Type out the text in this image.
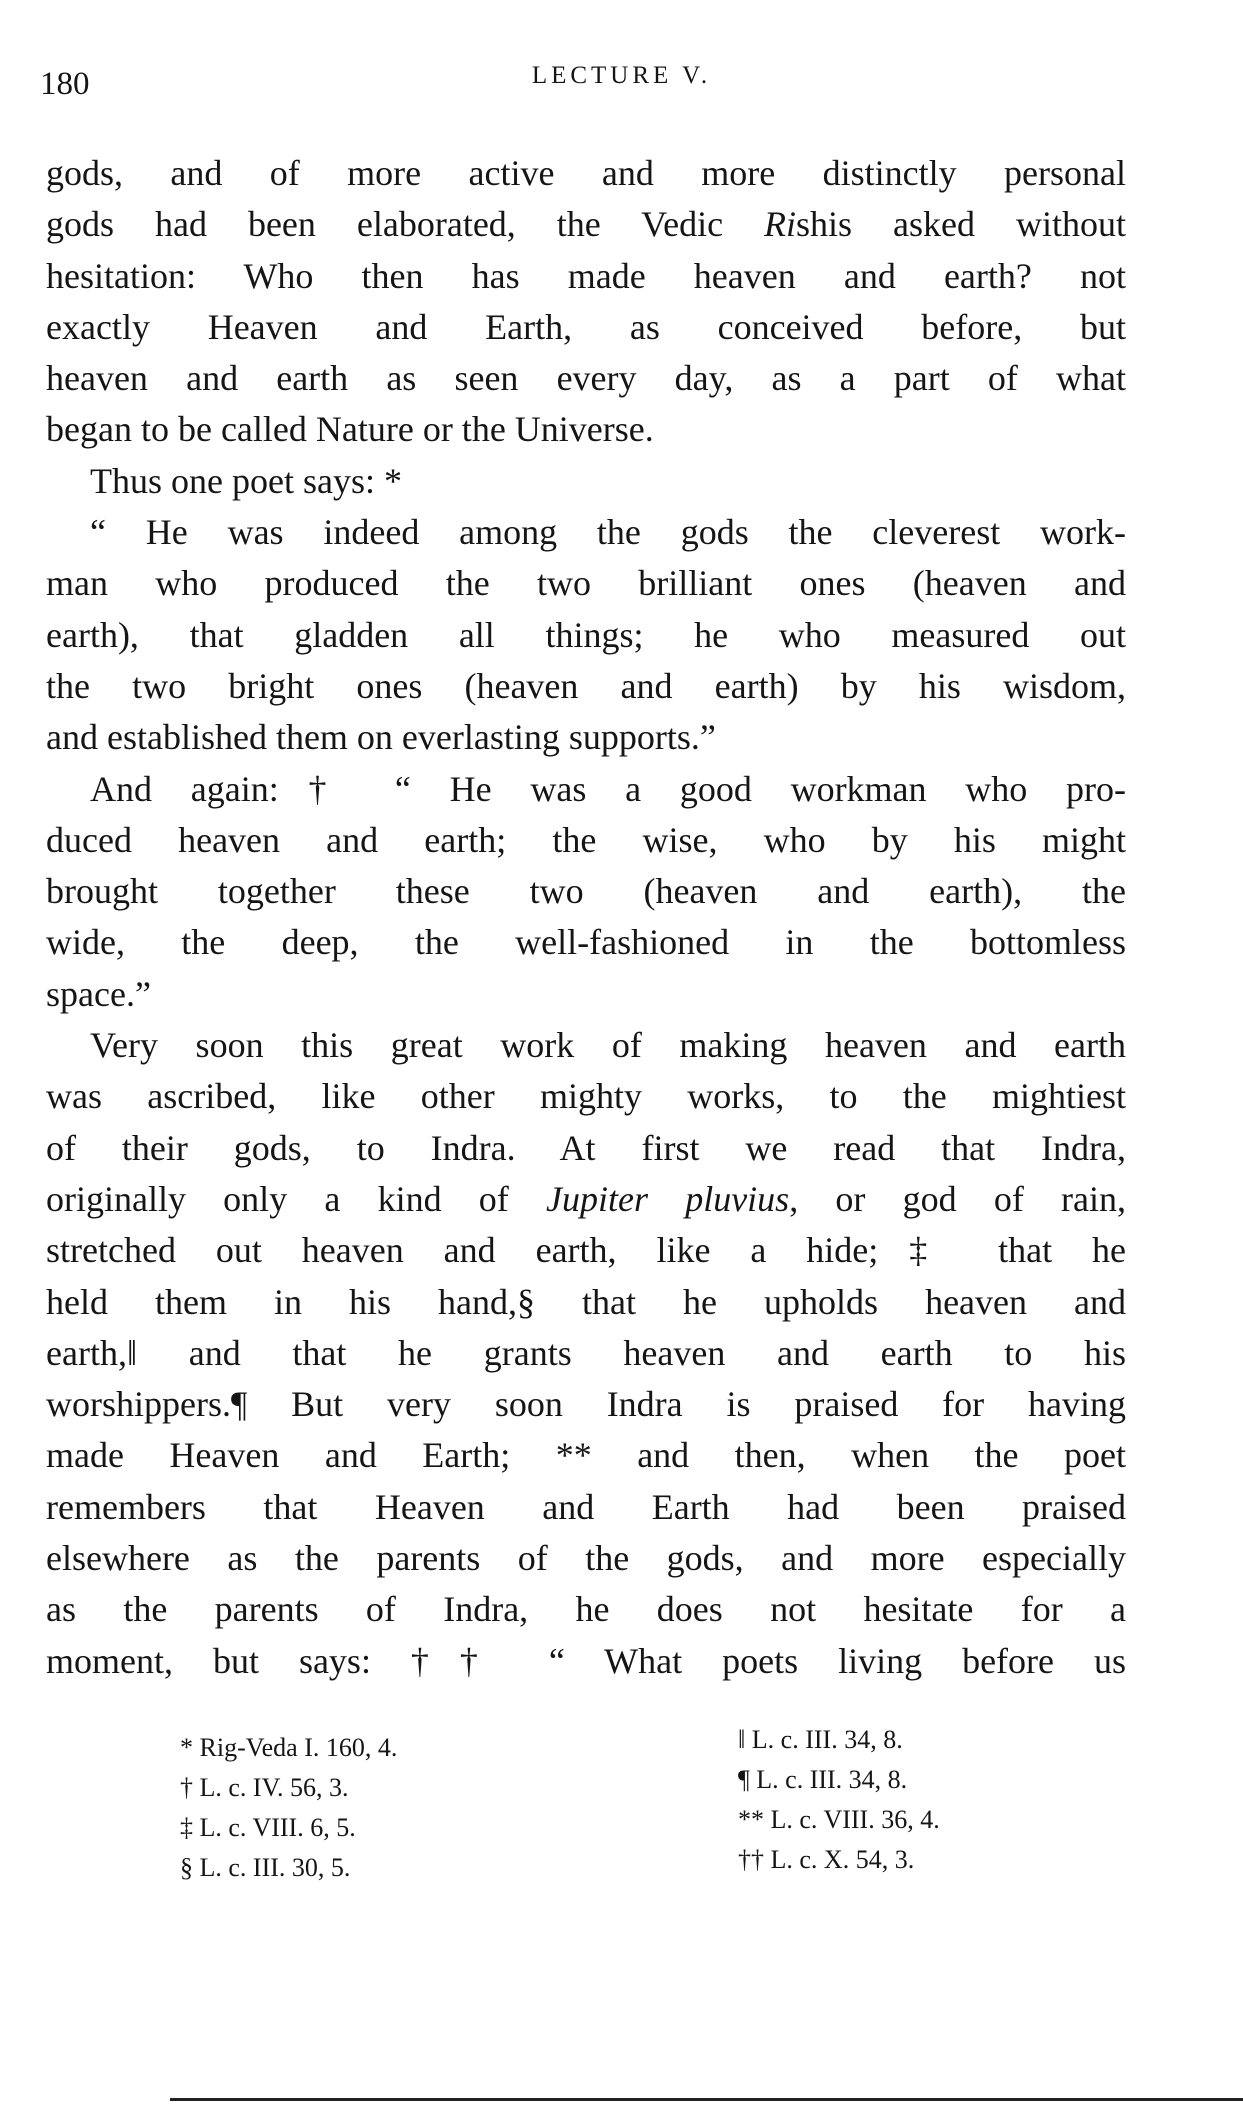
180	LECTURE V.
gods, and of more active and more distinctly personal
gods had been elaborated, the Vedic Rishis asked without
hesitation: Who then has made heaven and earth? not
exactly Heaven and Earth, as conceived before, but
heaven and earth as seen every day, as a part of what
began to be called Nature or the Universe.
Thus one poet says: *
“ He was indeed among the gods the cleverest work-
man who produced the two brilliant ones (heaven and
earth), that gladden all things; he who measured out
the two bright ones (heaven and earth) by his wisdom,
and established them on everlasting supports.”
And again:† “ He was a good workman who pro-
duced heaven and earth; the wise, who by his might
brought together these two (heaven and earth), the
wide, the deep, the well-fashioned in the bottomless
space.”
Very soon this great work of making heaven and earth
was ascribed, like other mighty works, to the mightiest
of their gods, to Indra. At first we read that Indra,
originally only a kind of Jupiter pluvius, or god of rain,
stretched out heaven and earth, like a hide;‡ that he
held them in his hand,§ that he upholds heaven and
earth,‖ and that he grants heaven and earth to his
worshippers.¶ But very soon Indra is praised for having
made Heaven and Earth; ** and then, when the poet
remembers that Heaven and Earth had been praised
elsewhere as the parents of the gods, and more especially
as the parents of Indra, he does not hesitate for a
moment, but says: †† “ What poets living before us
* Rig-Veda I. 160, 4.
† L. c. IV. 56, 3.
‡ L. c. VIII. 6, 5.
§ L. c. III. 30, 5.
‖ L. c. III. 34, 8.
¶ L. c. III. 34, 8.
** L. c. VIII. 36, 4.
†† L. c. X. 54, 3.
